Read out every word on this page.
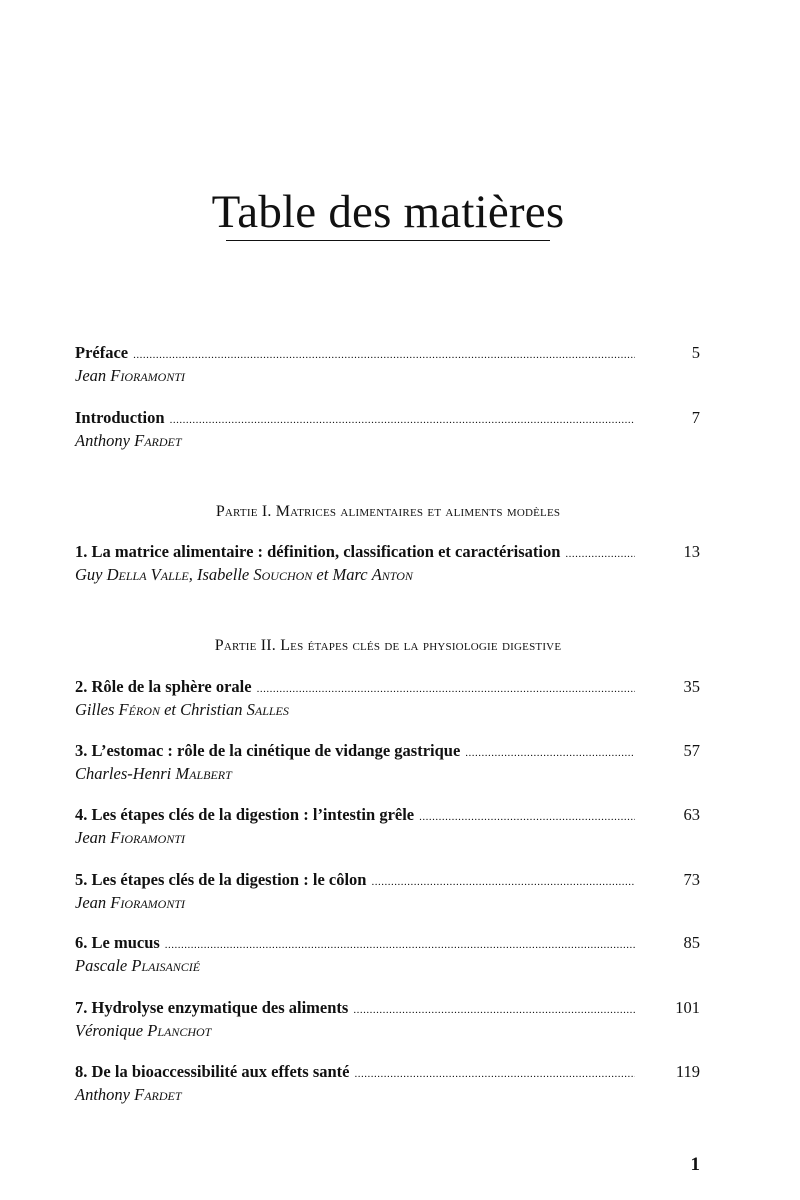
Table des matières
Préface .....	5
Jean Fioramonti
Introduction .....	7
Anthony Fardet
Partie I. Matrices alimentaires et aliments modèles
1. La matrice alimentaire : définition, classification et caractérisation .....	13
Guy Della Valle, Isabelle Souchon et Marc Anton
Partie II. Les étapes clés de la physiologie digestive
2. Rôle de la sphère orale .....	35
Gilles Féron et Christian Salles
3. L’estomac : rôle de la cinétique de vidange gastrique .....	57
Charles-Henri Malbert
4. Les étapes clés de la digestion : l’intestin grêle .....	63
Jean Fioramonti
5. Les étapes clés de la digestion : le côlon .....	73
Jean Fioramonti
6. Le mucus .....	85
Pascale Plaisancié
7. Hydrolyse enzymatique des aliments .....	101
Véronique Planchot
8. De la bioaccessibilité aux effets santé .....	119
Anthony Fardet
1
